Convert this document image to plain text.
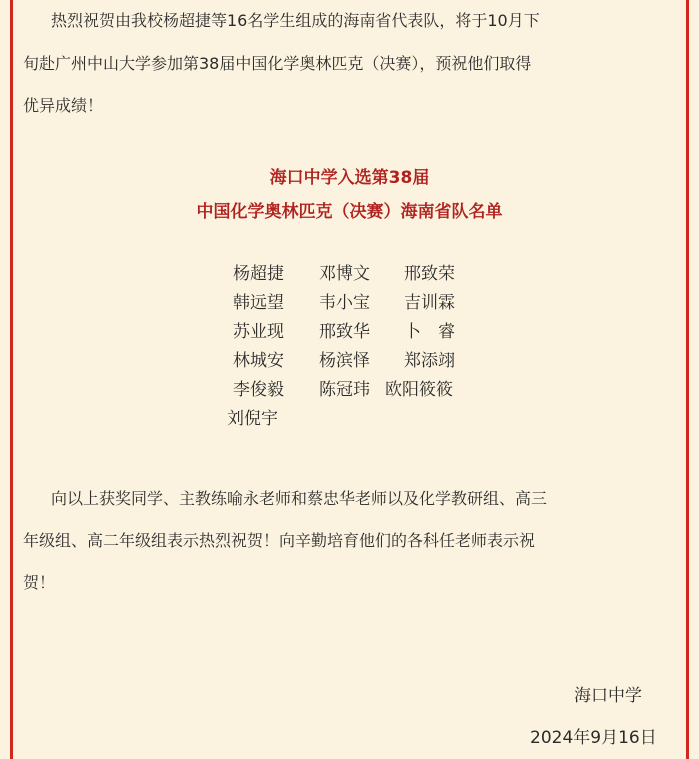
热烈祝贺由我校杨超捷等16名学生组成的海南省代表队，将于10月下
旬赴广州中山大学参加第38届中国化学奥林匹克（决赛），预祝他们取得
优异成绩！
海口中学入选第38届
中国化学奥林匹克（决赛）海南省队名单
杨超捷 邓博文 邢致荣
韩远望 韦小宝 吉训霖
苏业现 邢致华 卜　睿
林城安 杨滨怿 郑添翊
李俊毅 陈冠玮 欧阳筱筱
刘倪宇
向以上获奖同学、主教练喻永老师和蔡忠华老师以及化学教研组、高三
年级组、高二年级组表示热烈祝贺！向辛勤培育他们的各科任老师表示祝
贺！
海口中学
2024年9月16日
